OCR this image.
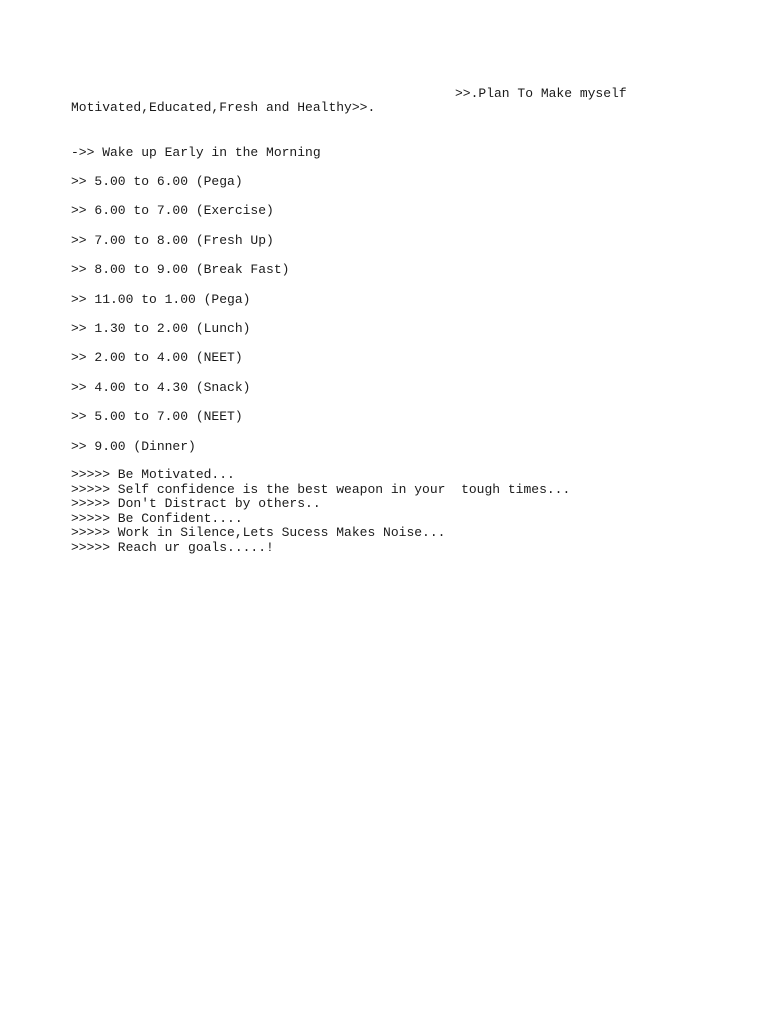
>>.Plan To Make myself
Motivated,Educated,Fresh and Healthy>>.
->> Wake up Early in the Morning
>> 5.00 to 6.00 (Pega)
>> 6.00 to 7.00 (Exercise)
>> 7.00 to 8.00 (Fresh Up)
>> 8.00 to 9.00 (Break Fast)
>> 11.00 to 1.00 (Pega)
>> 1.30 to 2.00 (Lunch)
>> 2.00 to 4.00 (NEET)
>> 4.00 to 4.30 (Snack)
>> 5.00 to 7.00 (NEET)
>> 9.00 (Dinner)
>>>>> Be Motivated...
>>>>> Self confidence is the best weapon in your  tough times...
>>>>> Don't Distract by others..
>>>>> Be Confident....
>>>>> Work in Silence,Lets Sucess Makes Noise...
>>>>> Reach ur goals.....!
